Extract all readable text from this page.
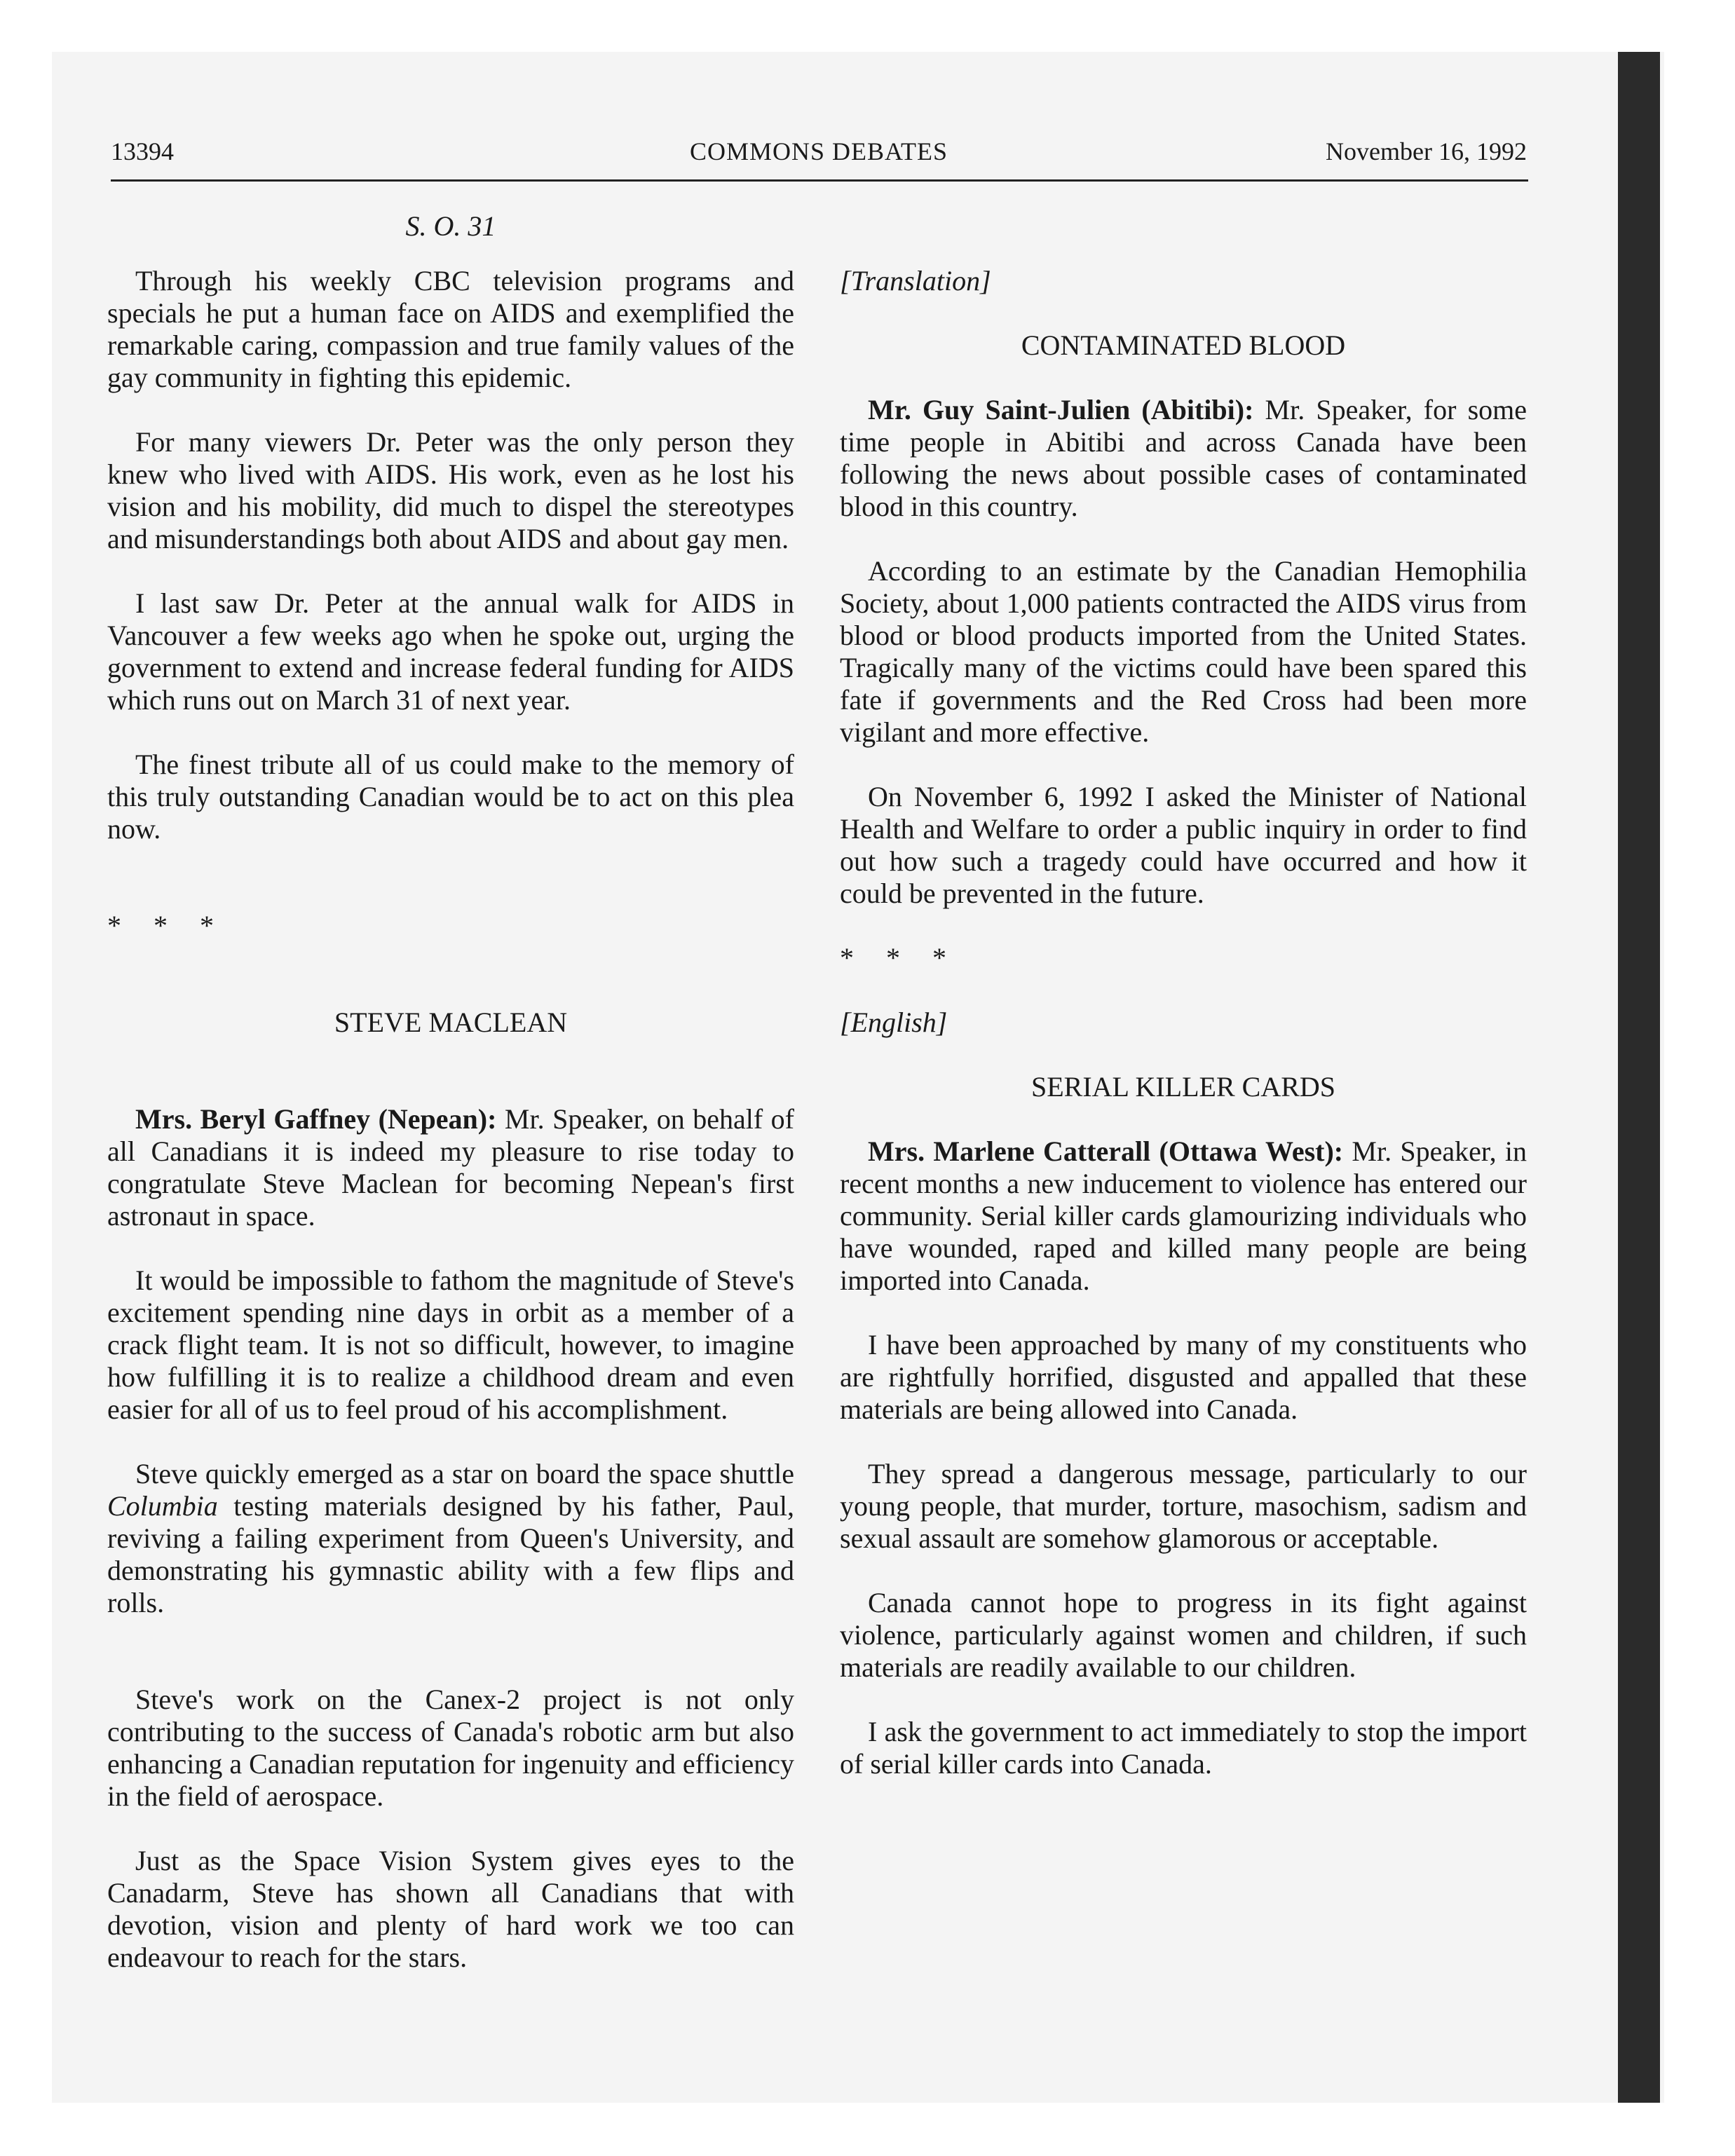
COMMONS DEBATES
13394	November 16, 1992
S. O. 31

Through his weekly CBC television programs and specials he put a human face on AIDS and exemplified the remarkable caring, compassion and true family values of the gay community in fighting this epidemic.

For many viewers Dr. Peter was the only person they knew who lived with AIDS. His work, even as he lost his vision and his mobility, did much to dispel the stereotypes and misunderstandings both about AIDS and about gay men.

I last saw Dr. Peter at the annual walk for AIDS in Vancouver a few weeks ago when he spoke out, urging the government to extend and increase federal funding for AIDS which runs out on March 31 of next year.

The finest tribute all of us could make to the memory of this truly outstanding Canadian would be to act on this plea now.

* * *

STEVE MACLEAN

Mrs. Beryl Gaffney (Nepean): Mr. Speaker, on behalf of all Canadians it is indeed my pleasure to rise today to congratulate Steve Maclean for becoming Nepean's first astronaut in space.

It would be impossible to fathom the magnitude of Steve's excitement spending nine days in orbit as a member of a crack flight team. It is not so difficult, however, to imagine how fulfilling it is to realize a childhood dream and even easier for all of us to feel proud of his accomplishment.

Steve quickly emerged as a star on board the space shuttle Columbia testing materials designed by his father, Paul, reviving a failing experiment from Queen's University, and demonstrating his gymnastic ability with a few flips and rolls.

Steve's work on the Canex-2 project is not only contributing to the success of Canada's robotic arm but also enhancing a Canadian reputation for ingenuity and efficiency in the field of aerospace.

Just as the Space Vision System gives eyes to the Canadarm, Steve has shown all Canadians that with devotion, vision and plenty of hard work we too can endeavour to reach for the stars.

[Translation]

CONTAMINATED BLOOD

Mr. Guy Saint-Julien (Abitibi): Mr. Speaker, for some time people in Abitibi and across Canada have been following the news about possible cases of contaminated blood in this country.

According to an estimate by the Canadian Hemophilia Society, about 1,000 patients contracted the AIDS virus from blood or blood products imported from the United States. Tragically many of the victims could have been spared this fate if governments and the Red Cross had been more vigilant and more effective.

On November 6, 1992 I asked the Minister of National Health and Welfare to order a public inquiry in order to find out how such a tragedy could have occurred and how it could be prevented in the future.

* * *

[English]

SERIAL KILLER CARDS

Mrs. Marlene Catterall (Ottawa West): Mr. Speaker, in recent months a new inducement to violence has entered our community. Serial killer cards glamourizing individuals who have wounded, raped and killed many people are being imported into Canada.

I have been approached by many of my constituents who are rightfully horrified, disgusted and appalled that these materials are being allowed into Canada.

They spread a dangerous message, particularly to our young people, that murder, torture, masochism, sadism and sexual assault are somehow glamorous or acceptable.

Canada cannot hope to progress in its fight against violence, particularly against women and children, if such materials are readily available to our children.

I ask the government to act immediately to stop the import of serial killer cards into Canada.
